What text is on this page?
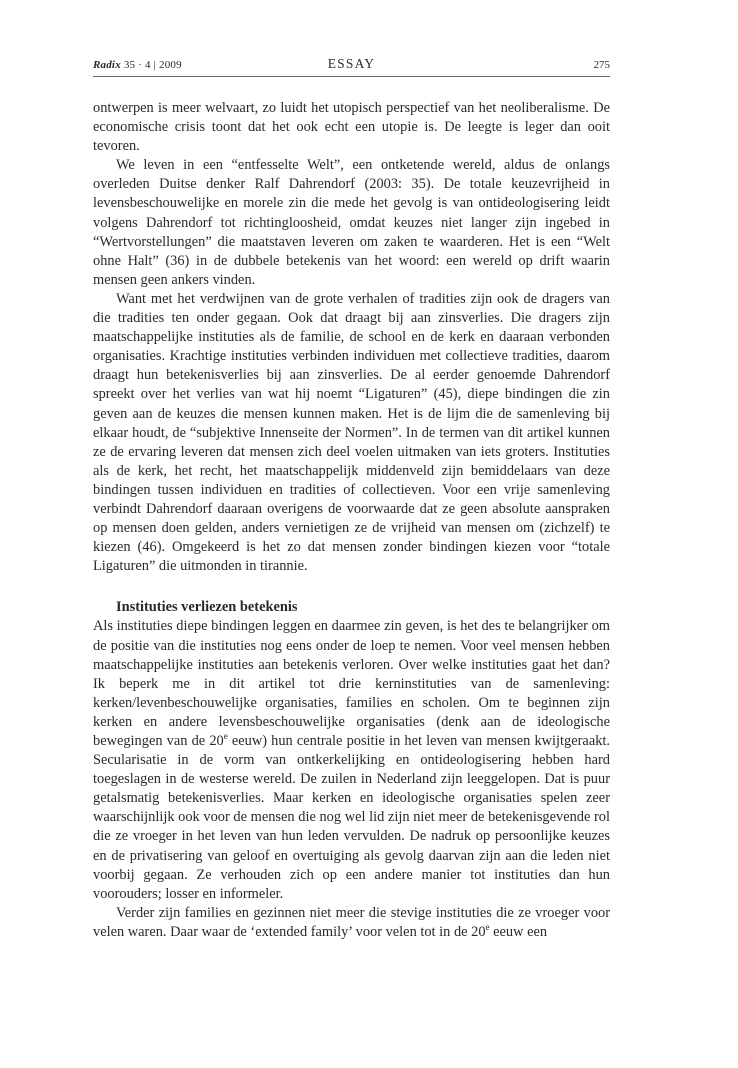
Radix 35 · 4 | 2009	ESSAY	275

ontwerpen is meer welvaart, zo luidt het utopisch perspectief van het neoliberalisme. De economische crisis toont dat het ook echt een utopie is. De leegte is leger dan ooit tevoren.

We leven in een “entfesselte Welt”, een ontketende wereld, aldus de onlangs overleden Duitse denker Ralf Dahrendorf (2003: 35). De totale keuzevrijheid in levensbeschouwelijke en morele zin die mede het gevolg is van ontideologisering leidt volgens Dahrendorf tot richtingloosheid, omdat keuzes niet langer zijn ingebed in “Wertvorstellungen” die maatstaven leveren om zaken te waarderen. Het is een “Welt ohne Halt” (36) in de dubbele betekenis van het woord: een wereld op drift waarin mensen geen ankers vinden.

Want met het verdwijnen van de grote verhalen of tradities zijn ook de dragers van die tradities ten onder gegaan. Ook dat draagt bij aan zinsverlies. Die dragers zijn maatschappelijke instituties als de familie, de school en de kerk en daaraan verbonden organisaties. Krachtige instituties verbinden individuen met collectieve tradities, daarom draagt hun betekenisverlies bij aan zinsverlies. De al eerder genoemde Dahrendorf spreekt over het verlies van wat hij noemt “Ligaturen” (45), diepe bindingen die zin geven aan de keuzes die mensen kunnen maken. Het is de lijm die de samenleving bij elkaar houdt, de “subjektive Innenseite der Normen”. In de termen van dit artikel kunnen ze de ervaring leveren dat mensen zich deel voelen uitmaken van iets groters. Instituties als de kerk, het recht, het maatschappelijk middenveld zijn bemiddelaars van deze bindingen tussen individuen en tradities of collectieven. Voor een vrije samenleving verbindt Dahrendorf daaraan overigens de voorwaarde dat ze geen absolute aanspraken op mensen doen gelden, anders vernietigen ze de vrijheid van mensen om (zichzelf) te kiezen (46). Omgekeerd is het zo dat mensen zonder bindingen kiezen voor “totale Ligaturen” die uitmonden in tirannie.

Instituties verliezen betekenis

Als instituties diepe bindingen leggen en daarmee zin geven, is het des te belangrijker om de positie van die instituties nog eens onder de loep te nemen. Voor veel mensen hebben maatschappelijke instituties aan betekenis verloren. Over welke instituties gaat het dan? Ik beperk me in dit artikel tot drie kerninstituties van de samenleving: kerken/levenbeschouwelijke organisaties, families en scholen. Om te beginnen zijn kerken en andere levensbeschouwelijke organisaties (denk aan de ideologische bewegingen van de 20e eeuw) hun centrale positie in het leven van mensen kwijtgeraakt. Secularisatie in de vorm van ontkerkelijking en ontideologisering hebben hard toegeslagen in de westerse wereld. De zuilen in Nederland zijn leeggelopen. Dat is puur getalsmatig betekenisverlies. Maar kerken en ideologische organisaties spelen zeer waarschijnlijk ook voor de mensen die nog wel lid zijn niet meer de betekenisgevende rol die ze vroeger in het leven van hun leden vervulden. De nadruk op persoonlijke keuzes en de privatisering van geloof en overtuiging als gevolg daarvan zijn aan die leden niet voorbij gegaan. Ze verhouden zich op een andere manier tot instituties dan hun voorouders; losser en informeler.

Verder zijn families en gezinnen niet meer die stevige instituties die ze vroeger voor velen waren. Daar waar de ‘extended family’ voor velen tot in de 20e eeuw een
